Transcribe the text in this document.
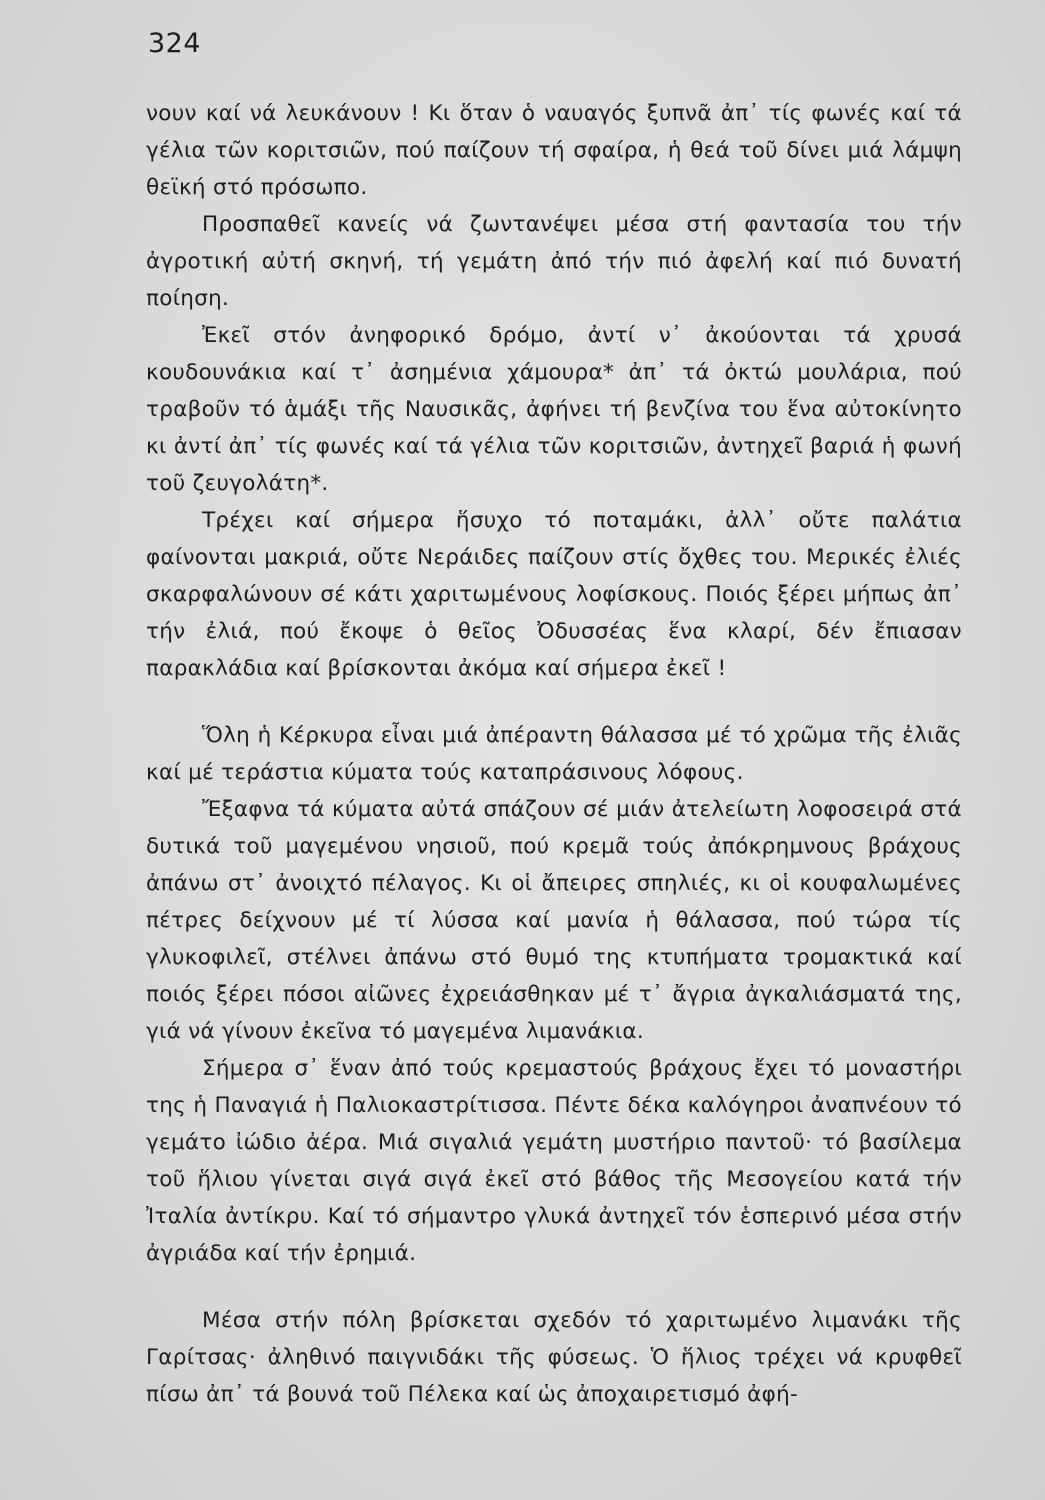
324

νουν καί νά λευκάνουν ! Κι ὅταν ὁ ναυαγός ξυπνᾶ ἀπ᾿ τίς φωνές καί τά γέλια τῶν κοριτσιῶν, πού παίζουν τή σφαίρα, ἡ θεά τοῦ δίνει μιά λάμψη θεϊκή στό πρόσωπο.

Προσπαθεῖ κανείς νά ζωντανέψει μέσα στή φαντασία του τήν ἀγροτική αὐτή σκηνή, τή γεμάτη ἀπό τήν πιό ἀφελή καί πιό δυνατή ποίηση.

Ἐκεῖ στόν ἀνηφορικό δρόμο, ἀντί ν᾿ ἀκούονται τά χρυσά κουδουνάκια καί τ᾿ ἀσημένια χάμουρα* ἀπ᾿ τά ὀκτώ μουλάρια, πού τραβοῦν τό ἁμάξι τῆς Ναυσικᾶς, ἀφήνει τή βενζίνα του ἕνα αὐτοκίνητο κι ἀντί ἀπ᾿ τίς φωνές καί τά γέλια τῶν κοριτσιῶν, ἀντηχεῖ βαριά ἡ φωνή τοῦ ζευγολάτη*.

Τρέχει καί σήμερα ἥσυχο τό ποταμάκι, ἀλλ᾿ οὔτε παλάτια φαίνονται μακριά, οὔτε Νεράιδες παίζουν στίς ὄχθες του. Μερικές ἐλιές σκαρφαλώνουν σέ κάτι χαριτωμένους λοφίσκους. Ποιός ξέρει μήπως ἀπ᾿ τήν ἐλιά, πού ἔκοψε ὁ θεῖος Ὀδυσσέας ἕνα κλαρί, δέν ἔπιασαν παρακλάδια καί βρίσκονται ἀκόμα καί σήμερα ἐκεῖ !

Ὅλη ἡ Κέρκυρα εἶναι μιά ἀπέραντη θάλασσα μέ τό χρῶμα τῆς ἐλιᾶς καί μέ τεράστια κύματα τούς καταπράσινους λόφους.

Ἔξαφνα τά κύματα αὐτά σπάζουν σέ μιάν ἀτελείωτη λοφοσειρά στά δυτικά τοῦ μαγεμένου νησιοῦ, πού κρεμᾶ τούς ἀπόκρημνους βράχους ἀπάνω στ᾿ ἀνοιχτό πέλαγος. Κι οἱ ἄπειρες σπηλιές, κι οἱ κουφαλωμένες πέτρες δείχνουν μέ τί λύσσα καί μανία ἡ θάλασσα, πού τώρα τίς γλυκοφιλεῖ, στέλνει ἀπάνω στό θυμό της κτυπήματα τρομακτικά καί ποιός ξέρει πόσοι αἰῶνες ἐχρειάσθηκαν μέ τ᾿ ἄγρια ἀγκαλιάσματά της, γιά νά γίνουν ἐκεῖνα τό μαγεμένα λιμανάκια.

Σήμερα σ᾿ ἕναν ἀπό τούς κρεμαστούς βράχους ἔχει τό μοναστήρι της ἡ Παναγιά ἡ Παλιοκαστρίτισσα. Πέντε δέκα καλόγηροι ἀναπνέουν τό γεμάτο ἰώδιο ἀέρα. Μιά σιγαλιά γεμάτη μυστήριο παντοῦ· τό βασίλεμα τοῦ ἥλιου γίνεται σιγά σιγά ἐκεῖ στό βάθος τῆς Μεσογείου κατά τήν Ἰταλία ἀντίκρυ. Καί τό σήμαντρο γλυκά ἀντηχεῖ τόν ἑσπερινό μέσα στήν ἀγριάδα καί τήν ἐρημιά.

Μέσα στήν πόλη βρίσκεται σχεδόν τό χαριτωμένο λιμανάκι τῆς Γαρίτσας· ἀληθινό παιγνιδάκι τῆς φύσεως. Ὁ ἥλιος τρέχει νά κρυφθεῖ πίσω ἀπ᾿ τά βουνά τοῦ Πέλεκα καί ὡς ἀποχαιρετισμό ἀφή-
